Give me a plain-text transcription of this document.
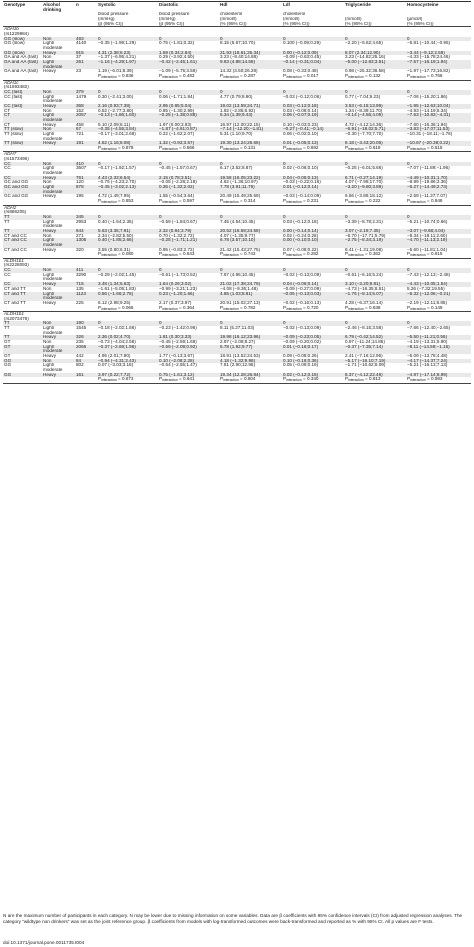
Genotype	Alcohol drinking	n	Systolic	Diastolic	Hdl	Ldl	Triglyceride	Homocysteine
			blood pressure	blood pressure	cholesterol	cholesterol		
			(mmHg)	(mmHg)	(mmol/l)	(mmol/l)	(mmol/l)	(μmol/l)
			(β (95% CI))	(β (95% CI))	(% (95% CI))	(% (95% CI))	(% (95% CI))	(% (95% CI))
ADH1b								
(rs1229984)								
GG (slow)	Non	493	0	0	0	0	0	0
GG (slow)	Light/ moderate	4140	−0.35 (−1.99;1.29)	0.75 (−1.81;0.32)	8.15 (5.67;10.70)	0.100 (−0.09;0.29)	−2.20 (−6.62;4.65)	−5.81 (−10.44;−0.95)
GG (slow)	Heavy	915	4.31 (2.38;6.23)	1.59 (0.34;2.84)	21.93 (18.61;25.34)	0.00 (−0.12;0.09)	8.07 (2.34;12.90)	−3.44 (−9.12;2.58)
GA and AA (fast)	Non	37	−1.37 (−6.95;4.21)	0.29 (−3.92;4.50)	3.23 (−8.40;14.88)	−0.09 (−0.63;0.45)	3.23 (−14.82;25.16)	−4.33 (−15.78;24.46)
GA and AA (fast)	Light/ moderate	261	−1.16 (−4.29;1.97)	−0.42 (−2.45;1.61)	9.63 (4.88;14.58)	−0.14 (−0.31;0.04)	−5.00 (−12.83;3.51)	−7.57 (−16.19;1.94)
GA and AA (fast)	Heavy	23	1.19 (−6.01;8.39)	−1.09 (−5.75;3.58)	14.32 (3.50;26.28)	0.08 (−0.33;0.48)	0.98 (−25.32;36.58)	−1.97 (−17.73;16.82)
			$P_{interaction} = 0.836$	$P_{interaction} = 0.483$	$P_{interaction} = 0.287$	$P_{interaction} = 0.017$	$P_{interaction} = 0.132$	$P_{interaction} = 0.766$
ADH1c								
(rs1693482)								
CC (fast)	Non	379	0	0	0	0	0	0
CC (fast)	Light/ moderate	1479	0.30 (−2.41;3.00)	0.06 (−1.71;1.84)	4.77 (0.79;8.90)	−0.03 (−0.12;0.06)	0.77 (−7.04;9.23)	−7.06 (−15.20;1.86)
CC (fast)	Heavy	368	2.16 (0.93;7.38)	2.95 (0.85;5.04)	19.02 (13.59;24.71)	0.03 (−0.12;0.18)	3.53 (−6.15;13.99)	−1.95 (−12.63;10.04)
CT	Non	152	0.52 (−2.77;3.80)	0.85 (−1.30;2.99)	1.92 (−2.85;6.92)	0.03 (−0.08;0.14)	1.24 (−8.39;11.70)	−4.93 (−14.19;5.34)
CT	Light/ moderate	2057	−0.13 (−1.86;1.60)	−0.25 (−1.38;0.88)	5.34 (1.39;9.43)	0.06 (−0.07;0.19)	−0.14 (−4.56;4.09)	−7.63 (−10.83;−4.31)
CT	Heavy	458	5.10 (2.09;8.11)	1.97 (0.00;3.93)	16.97 (12.00;22.15)	0.10 (−0.03;0.23)	4.72 (−4.12;14.36)	−7.60 (−16.36;1.94)
TT (slow)	Non	67	−0.35 (−4.55;3.84)	−1.87 (−4.61;0.87)	−7.14 (−12.20;−1.81)	−0.27 (−0.41;−0.14)	−6.91 (−18.02;5.71)	−3.83 (−17.07;11.53)
TT (slow)	Light/ moderate	721	−0.17 (−3.01;2.68)	0.22 (−1.62;2.07)	5.31 (1.10;9.70)	0.06 (−0.02;0.10)	−0.30 (−7.70;7.70)	−10.31 (−18.11;−1.76)
TT (slow)	Heavy	191	4.62 (1.16;8.08)	1.32 (−0.93;3.57)	19.30 (13.24;25.66)	0.01 (−0.05;0.13)	8.18 (−3.43;20.06)	−10.67 (−20.38;0.22)
			$P_{interaction} = 0.878$	$P_{interaction} = 0.566$	$P_{interaction} = 0.131$	$P_{interaction} = 0.692$	$P_{interaction} = 0.619$	$P_{interaction} = 0.515$
ADH7								
(rs1573496)								
CC	Non	410	0	0	0	0	0	0
CC	Light/ moderate	3507	−0.17 (−1.92;1.57)	−0.45 (−1.57;0.67)	6.17 (3.52;8.87)	0.02 (−0.06;0.10)	−0.25 (−6.01;5.66)	−7.07 (−11.89;−1.96)
CC	Heavy	761	4.43 (2.33;6.54)	2.15 (0.78;3.51)	19.58 (16.05;23.22)	0.04 (−0.05;0.13)	6.71 (−0.27;14.19)	−4.49 (−10.31;1.70)
GC and GG	Non	120	−0.76 (−4.23;2.70)	−0.05 (−2.28;2.18)	4.62 (−1.36;10.97)	−0.03 (−0.22;0.16)	4.07 (−7.99;17.70)	−8.99 (−19.86;3.36)
GC and GG	Light/ moderate	878	−0.45 (−3.02;2.13)	0.35 (−1.32;2.02)	7.78 (3.91;11.79)	0.01 (−0.12;0.14)	−3.20 (−9.80;3.89)	−6.27 (−14.49;2.73)
GC and GG	Heavy	195	4.72 (1.49;7.95)	1.55 (−0.54;3.64)	20.49 (15.49;25.69)	−0.03 (−0.14;0.09)	6.56 (−3.86;18.12)	−2.59 (−11.37;7.07)
			$P_{interaction} = 0.853$	$P_{interaction} = 0.597$	$P_{interaction} = 0.314$	$P_{interaction} = 0.231$	$P_{interaction} = 0.222$	$P_{interaction} = 0.848$
ADH2								
(rs886205)								
TT	Non	345	0	0	0	0	0	0
TT	Light/ moderate	2953	0.40 (−1.54;2.35)	−0.59 (−1.84;0.67)	7.45 (4.54;10.45)	0.03 (−0.12;0.18)	−3.39 (−8.78;2.31)	−5.21 (−10.74;0.66)
TT	Heavy	644	5.63 (3.35;7.91)	2.32 (0.84;3.79)	20.52 (16.59;24.58)	0.00 (−0.14;0.14)	3.07 (−2.19;7.35)	−3.07 (−9.68;4.04)
CT and CC	Non	271	2.34 (−2.82;5.50)	0.70 (−1.32;2.72)	4.07 (−1.35;9.77)	0.02 (−0.24;0.28)	−6.70 (−17.71;5.79)	−8.34 (−18.11;2.60)
CT and CC	Light/ moderate	1305	0.40 (−1.85;2.66)	−0.25 (−1.71;1.21)	6.78 (3.57;10.10)	0.00 (−0.10;0.10)	−2.75 (−8.34;3.19)	−4.70 (−11.13;2.19)
CT and CC	Heavy	320	3.55 (0.80;6.31)	0.95 (−0.83;2.72)	21.42 (15.43;27.75)	0.07 (−0.08;0.22)	8.41 (−1.31;19.08)	−5.60 (−11.81;1.04)
			$P_{interaction} = 0.080$	$P_{interaction} = 0.843$	$P_{interaction} = 0.743$	$P_{interaction} = 0.282$	$P_{interaction} = 0.362$	$P_{interaction} = 0.615$
ALDH1b1								
(rs2228093)								
CC	Non	411	0	0	0	0	0	0
CC	Light/ moderate	3290	−0.29 (−2.02;1.45)	−0.61 (−1.73;0.52)	7.67 (4.95;10.45)	−0.02 (−0.13;0.09)	−0.61 (−6.16;5.24)	−7.43 (−12.13;−2.48)
CC	Heavy	715	3.48 (1.34;5.63)	1.64 (0.26;3.02)	21.02 (17.38;24.79)	0.04 (−0.06;0.14)	3.10 (−3.20;9.81)	−4.43 (−10.05;1.54)
CT and TT	Non	135	−1.61 (−5.05;1.83)	−0.99 (−3.21;1.23)	−4.08 (−9.36;1.48)	−0.09 (−0.27;0.09)	−4.73 (−16.35;8.51)	5.26 (−7.32;19.55)
CT and TT	Light/ moderate	1123	0.56 (−1.66;2.78)	0.23 (−1.20;1.66)	4.85 (1.03;8.81)	−0.05 (−0.13;0.03)	−1.76 (−8.14;5.07)	−6.32 (−12.06;−0.21)
CT and TT	Heavy	225	6.12 (2.98;9.25)	2.17 (0.37;3.97)	20.91 (15.02;27.13)	−0.02 (−0.16;0.13)	4.28 (−6.37;16.14)	−2.19 (−12.11;8.85)
			$P_{interaction} = 0.066$	$P_{interaction} = 0.364$	$P_{interaction} = 0.782$	$P_{interaction} = 0.720$	$P_{interaction} = 0.838$	$P_{interaction} = 0.149$
ALDH1b1								
(rs2073478)								
TT	Non	190	0	0	0	0	0	0
TT	Light/ moderate	1545	−0.18 (−2.02;1.66)	−0.23 (−1.42;0.96)	8.11 (5.27;11.03)	−0.02 (−0.13;0.09)	−2.46 (−8.15;3.58)	−7.66 (−12.40;−2.65)
TT	Heavy	326	2.36 (0.02;4.70)	1.81 (0.30;3.33)	19.98 (16.12;23.96)	−0.09 (−0.23;0.05)	6.79 (−0.42;14.52)	−5.50 (−11.21;0.56)
GT	Non	235	−0.73 (−4.04;2.58)	−0.45 (−2.59;1.69)	2.97 (−2.08;8.27)	−0.09 (−0.20;0.02)	0.97 (−11.24;14.86)	−4.19 (−13.31;5.90)
GT	Light/ moderate	2066	−0.37 (−2.69;1.96)	−0.59 (−2.09;0.92)	5.78 (1.92;9.77)	0.01 (−0.16;0.17)	−0.37 (−7.35;7.14)	−8.11 (−14.59;−1.15)
GT	Heavy	442	4.95 (2.01;7.90)	1.77 (−0.13;3.67)	18.91 (13.52;24.53)	0.09 (−0.08;0.26)	2.41 (−7.16;12.96)	−5.09 (−13.78;4.48)
GG	Non	84	−0.94 (−4.31;2.43)	0.10 (−2.08;2.28)	4.18 (−1.32;9.98)	0.10 (−0.16;0.36)	−5.17 (−16.10;7.19)	−4.17 (−14.37;7.24)
GG	Light/ moderate	802	0.07 (−3.03;3.18)	−0.54 (−2.55;1.47)	7.81 (2.90;12.95)	0.05 (−0.09;0.19)	−1.71 (−10.62;8.09)	−5.21 (−16.13;7.13)
GG	Heavy	161	3.97 (0.22;7.72)	0.75 (−1.61;3.12)	19.34 (12.28;26.84)	0.02 (−0.12;0.16)	8.37 (−4.12;22.49)	−4.97 (−17.14;8.99)
			$P_{interaction} = 0.673$	$P_{interaction} = 0.641$	$P_{interaction} = 0.804$	$P_{interaction} = 0.340$	$P_{interaction} = 0.813$	$P_{interaction} = 0.983$
N are the maximum number of participants in each category. N may be lower due to missing information on some variables. Data are β coefficients with 95% confidence intervals (CI) from adjusted regression analyses. The category “wildtype non drinkers” was set as the joint reference group. β coefficients from models with log-transformed outcomes were back-transformed and reported as % with 95% CI. All p values are F tests.
doi:10.1371/journal.pone.0011735.t004
